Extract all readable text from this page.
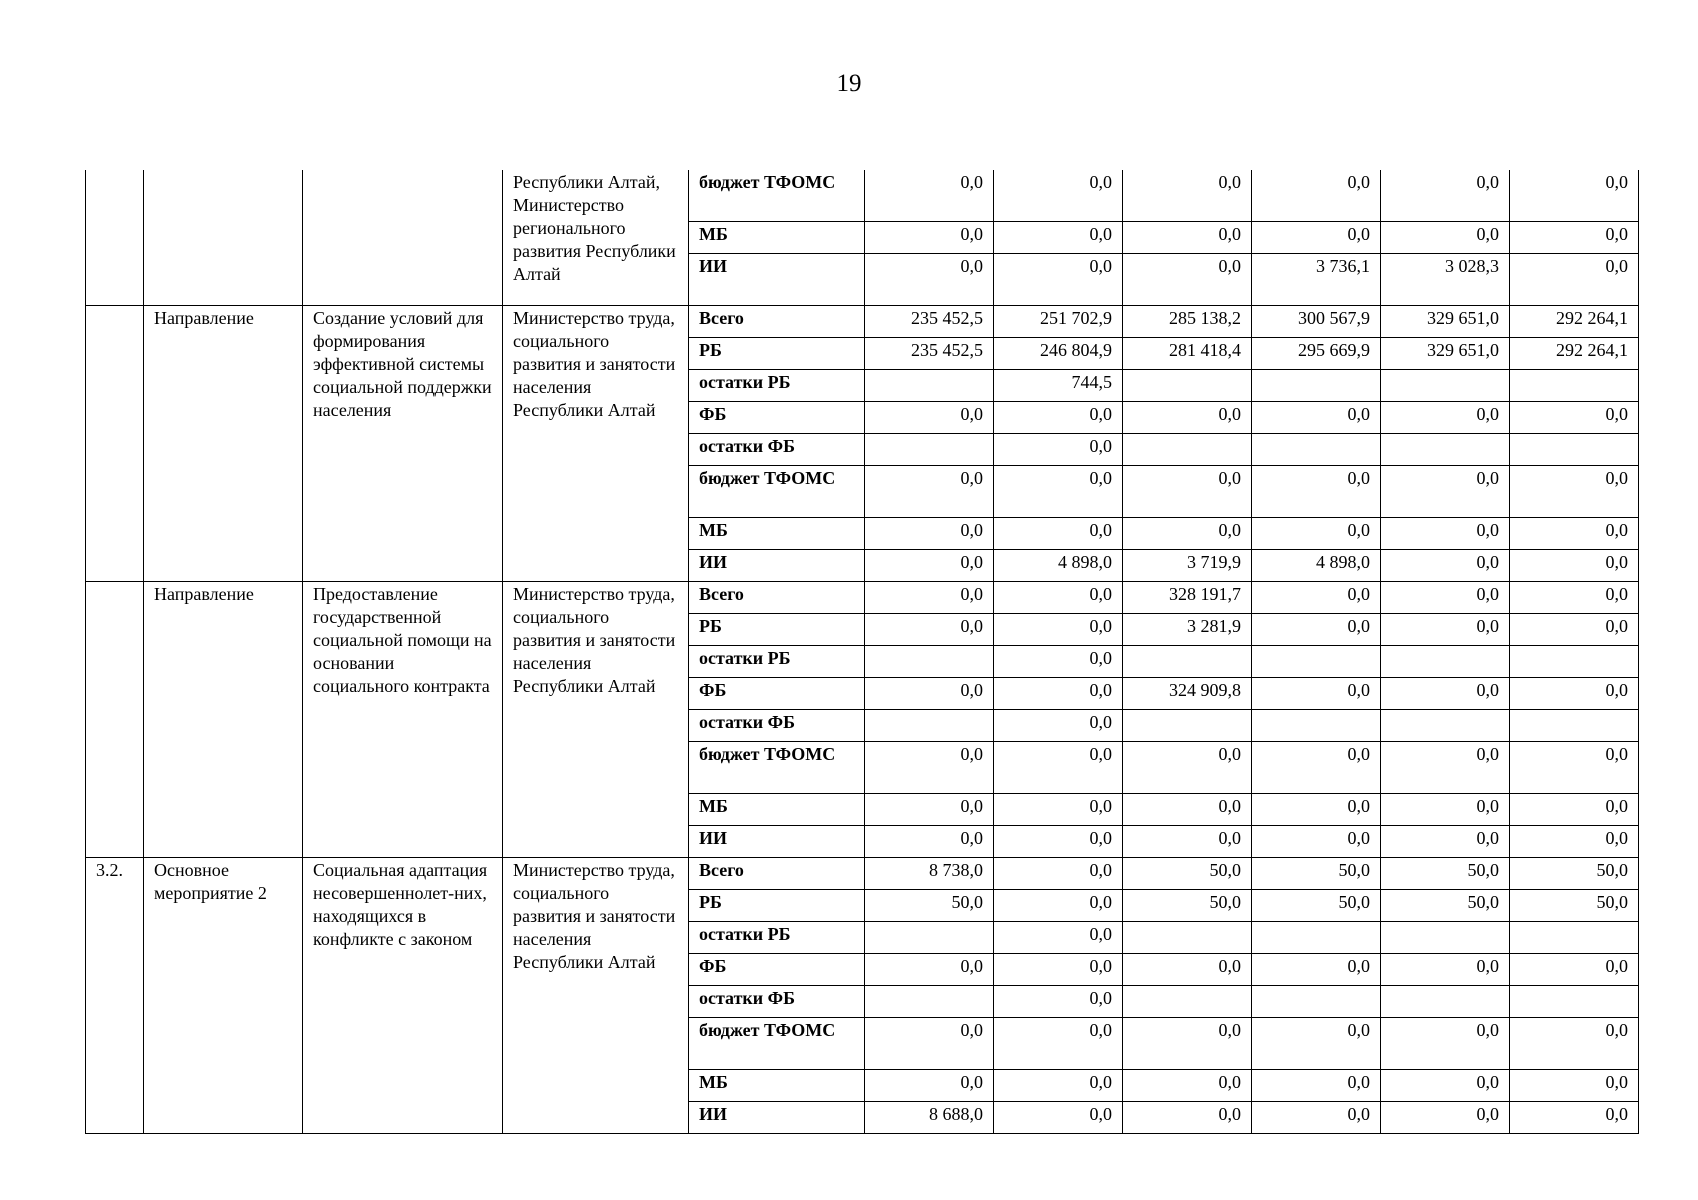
19
			Республики Алтай, Министерство регионального развития Республики Алтай	бюджет ТФОМС	0,0	0,0	0,0	0,0	0,0	0,0
				МБ	0,0	0,0	0,0	0,0	0,0	0,0
				ИИ	0,0	0,0	0,0	3 736,1	3 028,3	0,0
	Направление	Создание условий для формирования эффективной системы социальной поддержки населения	Министерство труда, социального развития и занятости населения Республики Алтай	Всего	235 452,5	251 702,9	285 138,2	300 567,9	329 651,0	292 264,1
				РБ	235 452,5	246 804,9	281 418,4	295 669,9	329 651,0	292 264,1
				остатки РБ		744,5				
				ФБ	0,0	0,0	0,0	0,0	0,0	0,0
				остатки ФБ		0,0				
				бюджет ТФОМС	0,0	0,0	0,0	0,0	0,0	0,0
				МБ	0,0	0,0	0,0	0,0	0,0	0,0
				ИИ	0,0	4 898,0	3 719,9	4 898,0	0,0	0,0
	Направление	Предоставление государственной социальной помощи на основании социального контракта	Министерство труда, социального развития и занятости населения Республики Алтай	Всего	0,0	0,0	328 191,7	0,0	0,0	0,0
				РБ	0,0	0,0	3 281,9	0,0	0,0	0,0
				остатки РБ		0,0				
				ФБ	0,0	0,0	324 909,8	0,0	0,0	0,0
				остатки ФБ		0,0				
				бюджет ТФОМС	0,0	0,0	0,0	0,0	0,0	0,0
				МБ	0,0	0,0	0,0	0,0	0,0	0,0
				ИИ	0,0	0,0	0,0	0,0	0,0	0,0
3.2.	Основное мероприятие 2	Социальная адаптация несовершеннолет-них, находящихся в конфликте с законом	Министерство труда, социального развития и занятости населения Республики Алтай	Всего	8 738,0	0,0	50,0	50,0	50,0	50,0
				РБ	50,0	0,0	50,0	50,0	50,0	50,0
				остатки РБ		0,0				
				ФБ	0,0	0,0	0,0	0,0	0,0	0,0
				остатки ФБ		0,0				
				бюджет ТФОМС	0,0	0,0	0,0	0,0	0,0	0,0
				МБ	0,0	0,0	0,0	0,0	0,0	0,0
				ИИ	8 688,0	0,0	0,0	0,0	0,0	0,0
